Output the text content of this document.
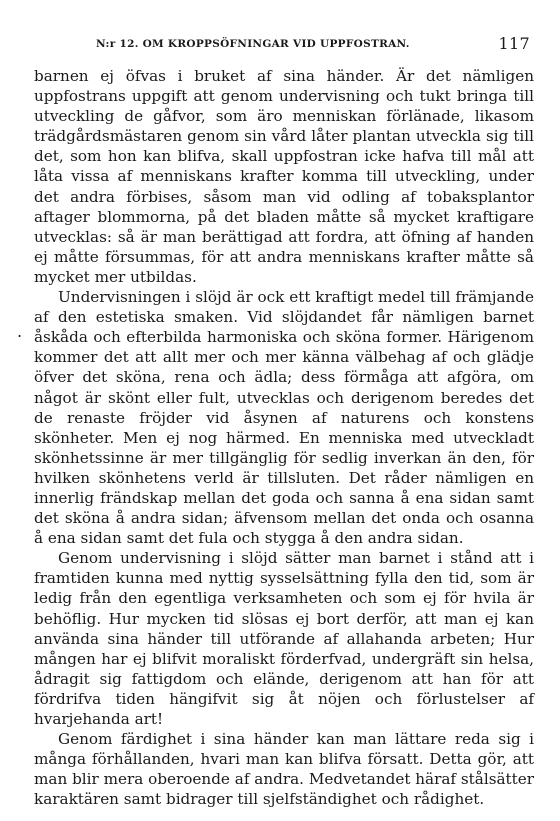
N:r 12. OM KROPPSÖFNINGAR VID UPPFOSTRAN.	117
.

barnen ej öfvas i bruket af sina händer. Är det nämligen uppfostrans uppgift att genom undervisning och tukt bringa till utveckling de gåfvor, som äro menniskan förlänade, likasom trädgårdsmästaren genom sin vård låter plantan utveckla sig till det, som hon kan blifva, skall uppfostran icke hafva till mål att låta vissa af menniskans krafter komma till utveckling, under det andra förbises, såsom man vid odling af tobaksplantor aftager blommorna, på det bladen måtte så mycket kraftigare utvecklas: så är man berättigad att fordra, att öfning af handen ej måtte försummas, för att andra menniskans krafter måtte så mycket mer utbildas.

Undervisningen i slöjd är ock ett kraftigt medel till främjande af den estetiska smaken. Vid slöjdandet får nämligen barnet åskåda och efterbilda harmoniska och sköna former. Härigenom kommer det att allt mer och mer känna välbehag af och glädje öfver det sköna, rena och ädla; dess förmåga att afgöra, om något är skönt eller fult, utvecklas och derigenom beredes det de renaste fröjder vid åsynen af naturens och konstens skönheter. Men ej nog härmed. En menniska med utveckladt skönhetssinne är mer tillgänglig för sedlig inverkan än den, för hvilken skönhetens verld är tillsluten. Det råder nämligen en innerlig frändskap mellan det goda och sanna å ena sidan samt det sköna å andra sidan; äfvensom mellan det onda och osanna å ena sidan samt det fula och stygga å den andra sidan.

Genom undervisning i slöjd sätter man barnet i stånd att i framtiden kunna med nyttig sysselsättning fylla den tid, som är ledig från den egentliga verksamheten och som ej för hvila är behöflig. Hur mycken tid slösas ej bort derför, att man ej kan använda sina händer till utförande af allahanda arbeten; Hur mången har ej blifvit moraliskt förderfvad, undergräft sin helsa, ådragit sig fattigdom och elände, derigenom att han för att fördrifva tiden hängifvit sig åt nöjen och förlustelser af hvarjehanda art!

Genom färdighet i sina händer kan man lättare reda sig i många förhållanden, hvari man kan blifva försatt. Detta gör, att man blir mera oberoende af andra. Medvetandet häraf stålsätter karaktären samt bidrager till sjelfständighet och rådighet.
